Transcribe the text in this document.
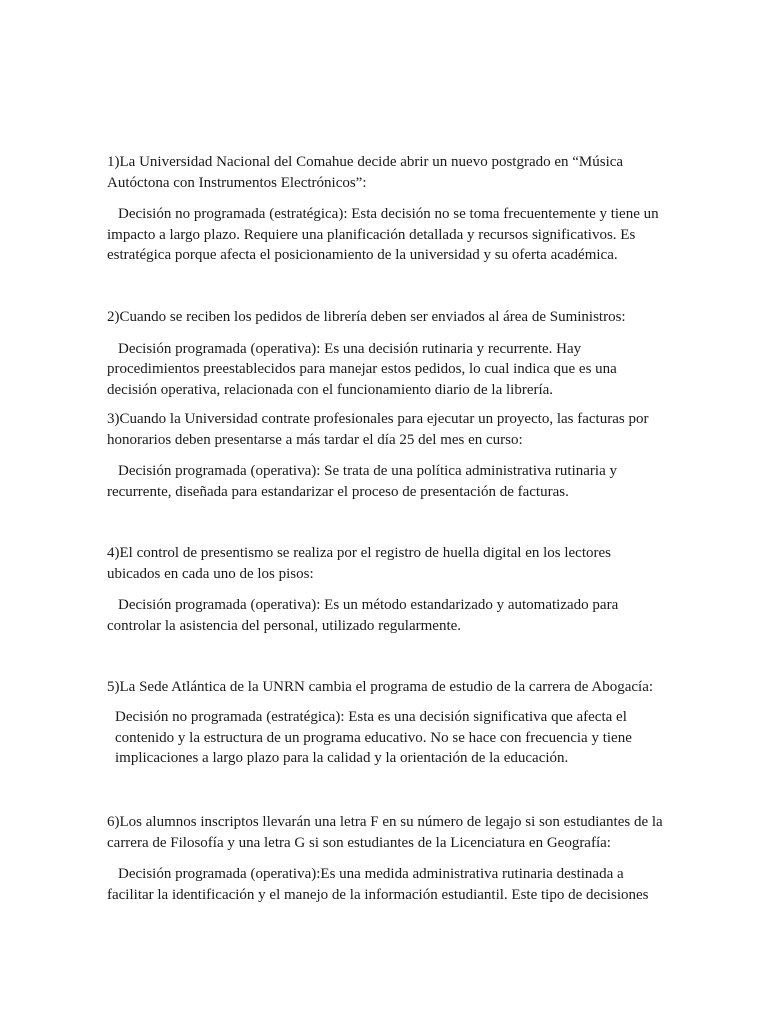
1)La Universidad Nacional del Comahue decide abrir un nuevo postgrado en “Música Autóctona con Instrumentos Electrónicos”:

Decisión no programada (estratégica): Esta decisión no se toma frecuentemente y tiene un impacto a largo plazo. Requiere una planificación detallada y recursos significativos. Es estratégica porque afecta el posicionamiento de la universidad y su oferta académica.

2)Cuando se reciben los pedidos de librería deben ser enviados al área de Suministros:

Decisión programada (operativa): Es una decisión rutinaria y recurrente. Hay procedimientos preestablecidos para manejar estos pedidos, lo cual indica que es una decisión operativa, relacionada con el funcionamiento diario de la librería.

3)Cuando la Universidad contrate profesionales para ejecutar un proyecto, las facturas por honorarios deben presentarse a más tardar el día 25 del mes en curso:

Decisión programada (operativa): Se trata de una política administrativa rutinaria y recurrente, diseñada para estandarizar el proceso de presentación de facturas.

4)El control de presentismo se realiza por el registro de huella digital en los lectores ubicados en cada uno de los pisos:

Decisión programada (operativa): Es un método estandarizado y automatizado para controlar la asistencia del personal, utilizado regularmente.

5)La Sede Atlántica de la UNRN cambia el programa de estudio de la carrera de Abogacía:

Decisión no programada (estratégica): Esta es una decisión significativa que afecta el contenido y la estructura de un programa educativo. No se hace con frecuencia y tiene implicaciones a largo plazo para la calidad y la orientación de la educación.

6)Los alumnos inscriptos llevarán una letra F en su número de legajo si son estudiantes de la carrera de Filosofía y una letra G si son estudiantes de la Licenciatura en Geografía:

Decisión programada (operativa):Es una medida administrativa rutinaria destinada a facilitar la identificación y el manejo de la información estudiantil. Este tipo de decisiones
